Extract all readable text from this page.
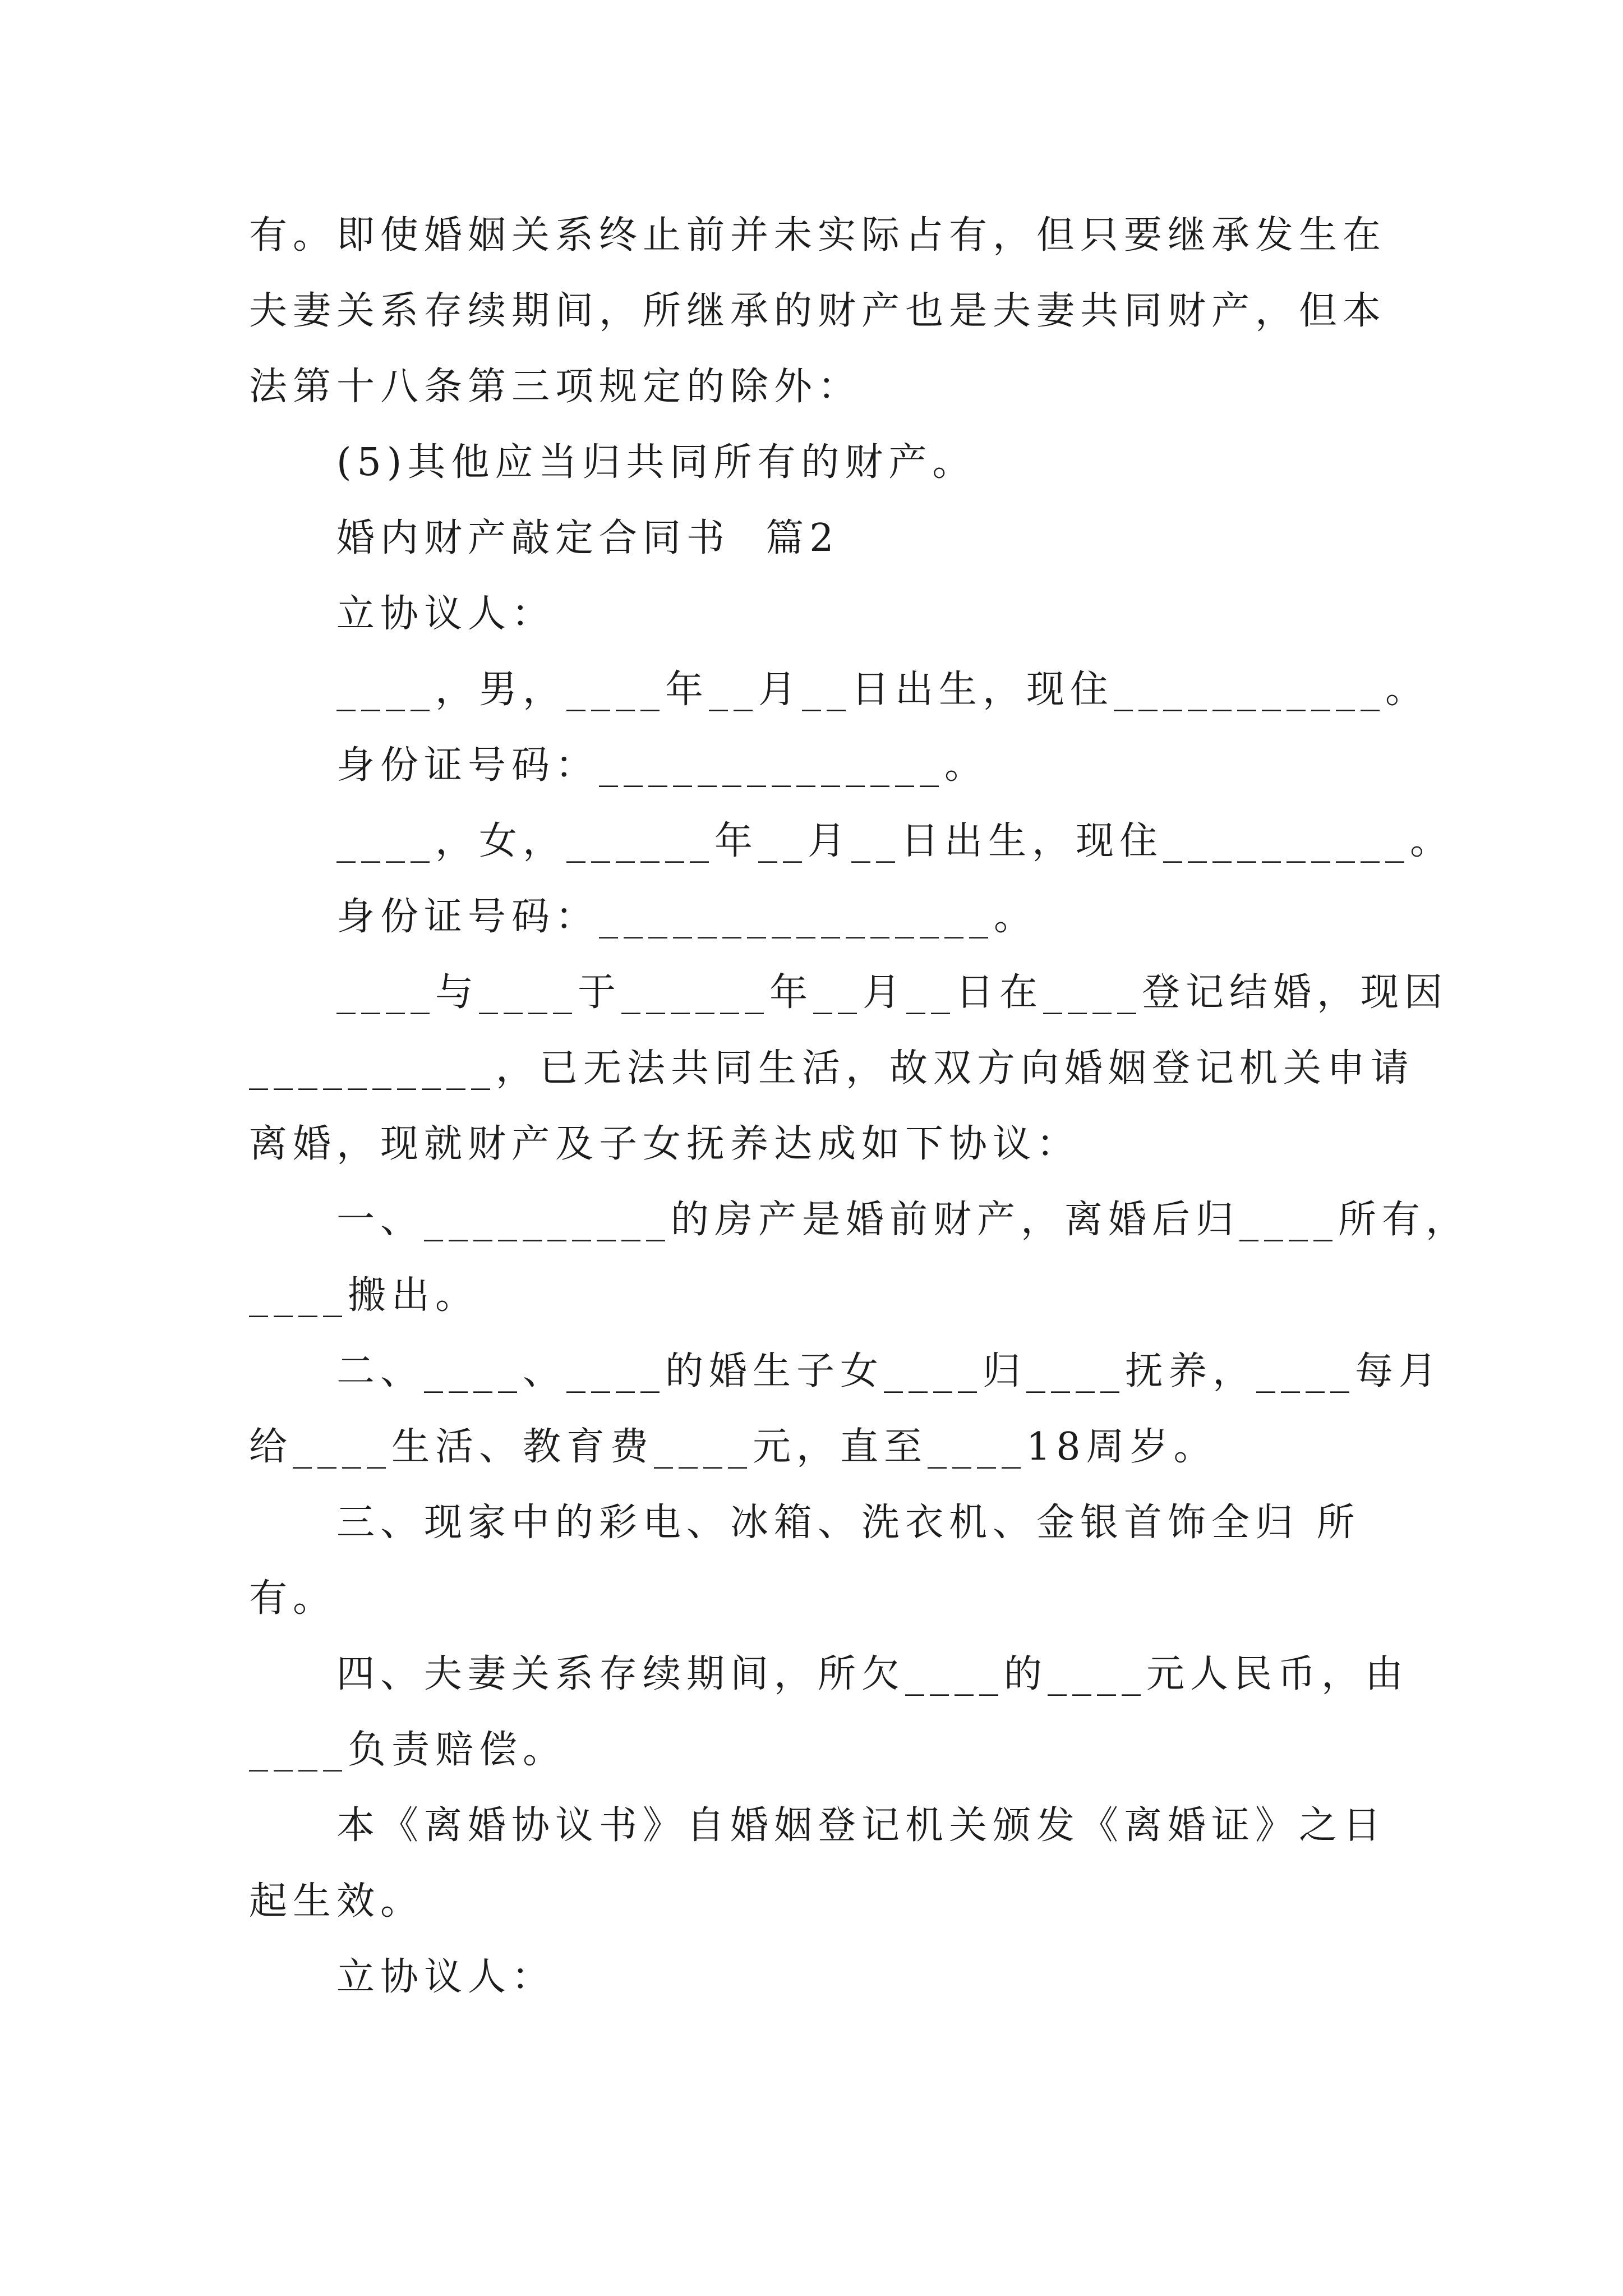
有。即使婚姻关系终止前并未实际占有，但只要继承发生在
夫妻关系存续期间，所继承的财产也是夫妻共同财产，但本
法第十八条第三项规定的除外：
(5)其他应当归共同所有的财产。
婚内财产敲定合同书  篇2
立协议人：
____，男，____年__月__日出生，现住___________。
身份证号码：______________。
____，女，______年__月__日出生，现住__________。
身份证号码：________________。
____与____于______年__月__日在____登记结婚，现因
__________，已无法共同生活，故双方向婚姻登记机关申请
离婚，现就财产及子女抚养达成如下协议：
一、__________的房产是婚前财产，离婚后归____所有，
____搬出。
二、____、____的婚生子女____归____抚养，____每月
给____生活、教育费____元，直至____18周岁。
三、现家中的彩电、冰箱、洗衣机、金银首饰全归 所
有。
四、夫妻关系存续期间，所欠____的____元人民币，由
____负责赔偿。
本《离婚协议书》自婚姻登记机关颁发《离婚证》之日
起生效。
立协议人：
